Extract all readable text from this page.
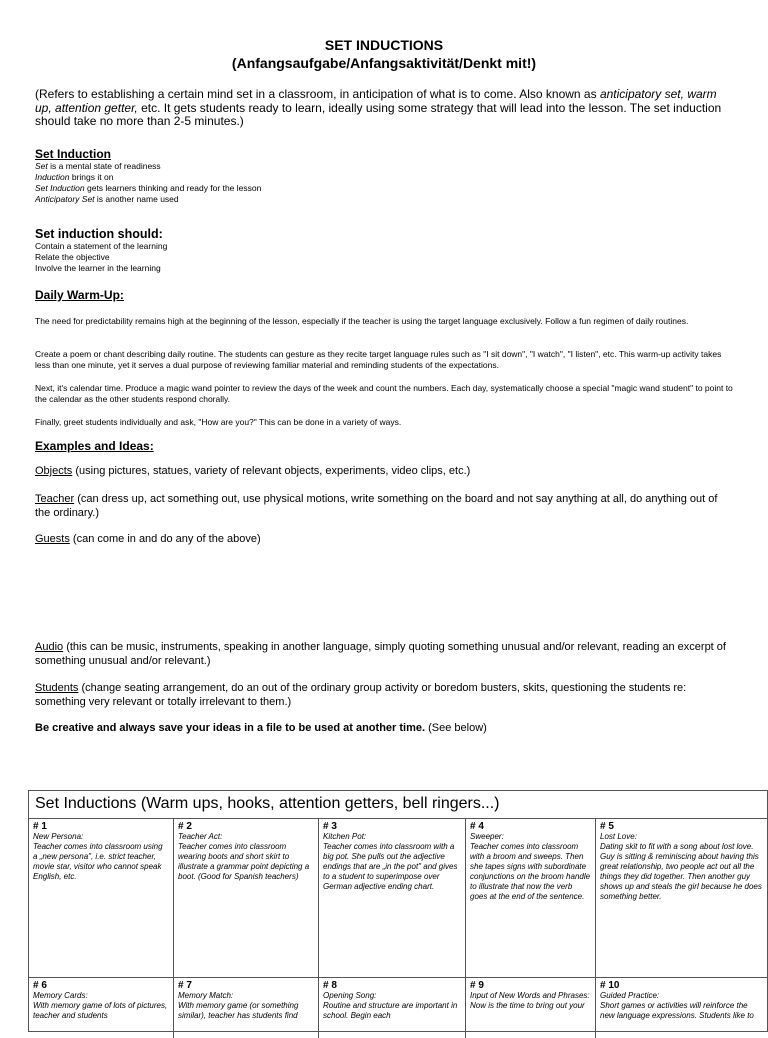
SET INDUCTIONS
(Anfangsaufgabe/Anfangsaktivität/Denkt mit!)
(Refers to establishing a certain mind set in a classroom, in anticipation of what is to come. Also known as anticipatory set, warm up, attention getter, etc. It gets students ready to learn, ideally using some strategy that will lead into the lesson. The set induction should take no more than 2-5 minutes.)
Set Induction
Set is a mental state of readiness
Induction brings it on
Set Induction gets learners thinking and ready for the lesson
Anticipatory Set is another name used
Set induction should:
Contain a statement of the learning
Relate the objective
Involve the learner in the learning
Daily Warm-Up:
The need for predictability remains high at the beginning of the lesson, especially if the teacher is using the target language exclusively. Follow a fun regimen of daily routines.
Create a poem or chant describing daily routine. The students can gesture as they recite target language rules such as "I sit down", "I watch", "I listen", etc. This warm-up activity takes less than one minute, yet it serves a dual purpose of reviewing familiar material and reminding students of the expectations.
Next, it's calendar time. Produce a magic wand pointer to review the days of the week and count the numbers. Each day, systematically choose a special "magic wand student" to point to the calendar as the other students respond chorally.
Finally, greet students individually and ask, "How are you?" This can be done in a variety of ways.
Examples and Ideas:
Objects (using pictures, statues, variety of relevant objects, experiments, video clips, etc.)
Teacher (can dress up, act something out, use physical motions, write something on the board and not say anything at all, do anything out of the ordinary.)
Guests (can come in and do any of the above)
Audio (this can be music, instruments, speaking in another language, simply quoting something unusual and/or relevant, reading an excerpt of something unusual and/or relevant.)
Students (change seating arrangement, do an out of the ordinary group activity or boredom busters, skits, questioning the students re: something very relevant or totally irrelevant to them.)
Be creative and always save your ideas in a file to be used at another time. (See below)
Set Inductions (Warm ups, hooks, attention getters, bell ringers...)
# 1
New Persona:
Teacher comes into classroom using a „new persona", i.e. strict teacher, movie star, visitor who cannot speak English, etc.
# 2
Teacher Act:
Teacher comes into classroom wearing boots and short skirt to illustrate a grammar point depicting a boot. (Good for Spanish teachers)
# 3
Kitchen Pot:
Teacher comes into classroom with a big pot. She pulls out the adjective endings that are „in the pot" and gives to a student to superimpose over German adjective ending chart.
# 4
Sweeper:
Teacher comes into classroom with a broom and sweeps. Then she tapes signs with subordinate conjunctions on the broom handle to illustrate that now the verb goes at the end of the sentence.
# 5
Lost Love:
Dating skit to fit with a song about lost love. Guy is sitting & reminiscing about having this great relationship, two people act out all the things they did together. Then another guy shows up and steals the girl because he does something better.
# 6
Memory Cards:
With memory game of lots of pictures, teacher and students
# 7
Memory Match:
With memory game (or something similar), teacher has students find
# 8
Opening Song:
Routine and structure are important in school. Begin each
# 9
Input of New Words and Phrases:
Now is the time to bring out your
# 10
Guided Practice:
Short games or activities will reinforce the new language expressions. Students like to
